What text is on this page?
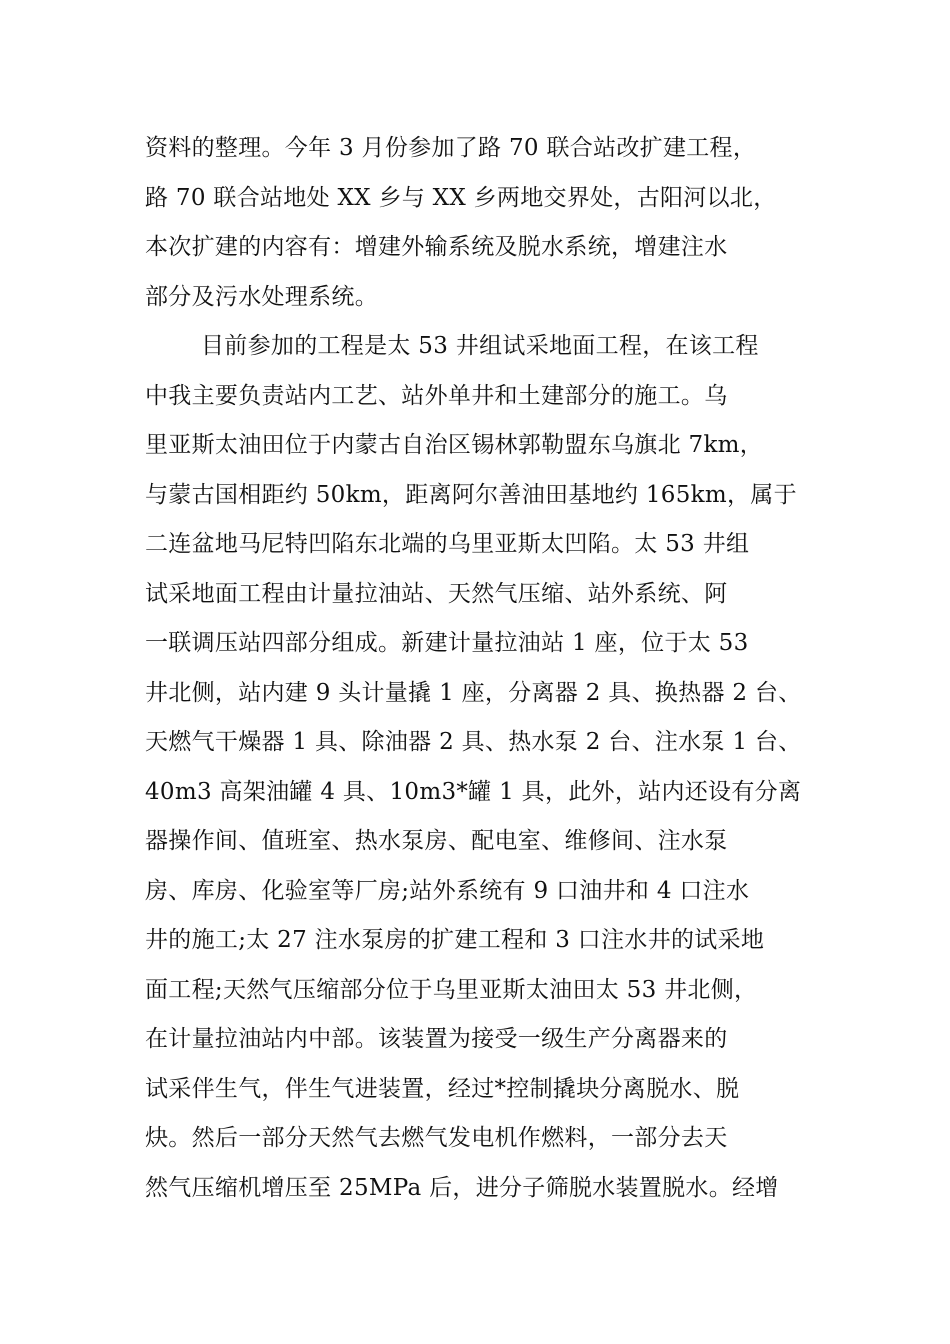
资料的整理。今年 3 月份参加了路 70 联合站改扩建工程，
路 70 联合站地处 XX 乡与 XX 乡两地交界处，古阳河以北，
本次扩建的内容有：增建外输系统及脱水系统，增建注水
部分及污水处理系统。
目前参加的工程是太 53 井组试采地面工程，在该工程
中我主要负责站内工艺、站外单井和土建部分的施工。乌
里亚斯太油田位于内蒙古自治区锡林郭勒盟东乌旗北 7km，
与蒙古国相距约 50km，距离阿尔善油田基地约 165km，属于
二连盆地马尼特凹陷东北端的乌里亚斯太凹陷。太 53 井组
试采地面工程由计量拉油站、天然气压缩、站外系统、阿
一联调压站四部分组成。新建计量拉油站 1 座，位于太 53
井北侧，站内建 9 头计量撬 1 座，分离器 2 具、换热器 2 台、
天燃气干燥器 1 具、除油器 2 具、热水泵 2 台、注水泵 1 台、
40m3 高架油罐 4 具、10m3*罐 1 具，此外，站内还设有分离
器操作间、值班室、热水泵房、配电室、维修间、注水泵
房、库房、化验室等厂房;站外系统有 9 口油井和 4 口注水
井的施工;太 27 注水泵房的扩建工程和 3 口注水井的试采地
面工程;天然气压缩部分位于乌里亚斯太油田太 53 井北侧，
在计量拉油站内中部。该装置为接受一级生产分离器来的
试采伴生气，伴生气进装置，经过*控制撬块分离脱水、脱
炔。然后一部分天然气去燃气发电机作燃料，一部分去天
然气压缩机增压至 25MPa 后，进分子筛脱水装置脱水。经增
